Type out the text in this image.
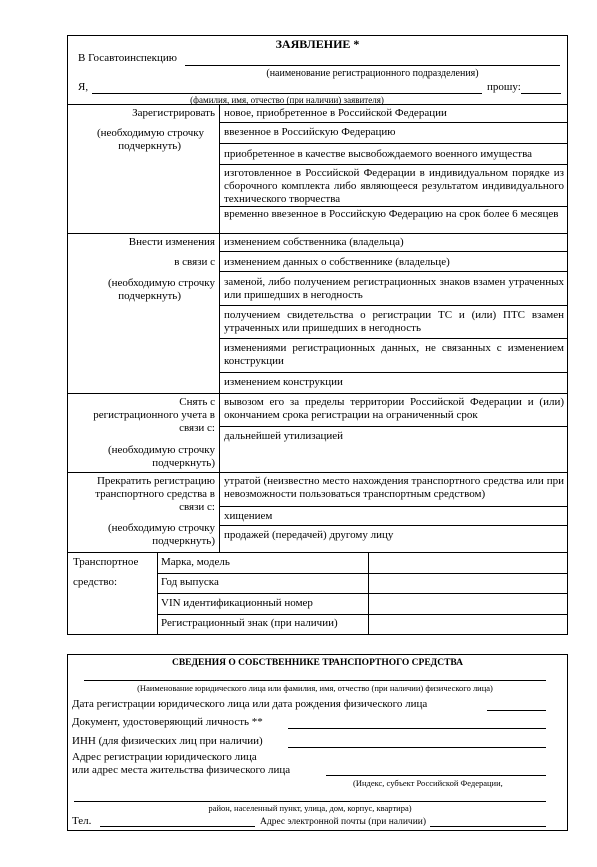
ЗАЯВЛЕНИЕ *
В Госавтоинспекцию
(наименование регистрационного подразделения)
Я,	прошу:
(фамилия, имя, отчество (при наличии) заявителя)
Зарегистрировать
(необходимую строчку
подчеркнуть)
новое, приобретенное в Российской Федерации
ввезенное в Российскую Федерацию
приобретенное в качестве высвобождаемого военного имущества
изготовленное в Российской Федерации в индивидуальном порядке из сборочного комплекта либо являющееся результатом индивидуального технического творчества
временно ввезенное в Российскую Федерацию на срок более 6 месяцев
Внести изменения
в связи с
(необходимую строчку
подчеркнуть)
изменением собственника (владельца)
изменением данных о собственнике (владельце)
заменой, либо получением регистрационных знаков взамен утраченных или пришедших в негодность
получением свидетельства о регистрации ТС и (или) ПТС взамен утраченных или пришедших в негодность
изменениями регистрационных данных, не связанных с изменением конструкции
изменением конструкции
Снять с
регистрационного учета в
связи с:
(необходимую строчку
подчеркнуть)
вывозом его за пределы территории Российской Федерации и (или) окончанием срока регистрации на ограниченный срок
дальнейшей утилизацией
Прекратить регистрацию
транспортного средства в
связи с:
(необходимую строчку
подчеркнуть)
утратой (неизвестно место нахождения транспортного средства или при невозможности пользоваться транспортным средством)
хищением
продажей (передачей) другому лицу
Транспортное
средство:
Марка, модель
Год выпуска
VIN идентификационный номер
Регистрационный знак (при наличии)
СВЕДЕНИЯ О СОБСТВЕННИКЕ ТРАНСПОРТНОГО СРЕДСТВА
(Наименование юридического лица или фамилия, имя, отчество (при наличии) физического лица)
Дата регистрации юридического лица или дата рождения физического лица
Документ, удостоверяющий личность **
ИНН (для физических лиц при наличии)
Адрес регистрации юридического лица
или адрес места жительства физического лица
(Индекс, субъект Российской Федерации,
район, населенный пункт, улица, дом, корпус, квартира)
Тел.	Адрес электронной почты (при наличии)
